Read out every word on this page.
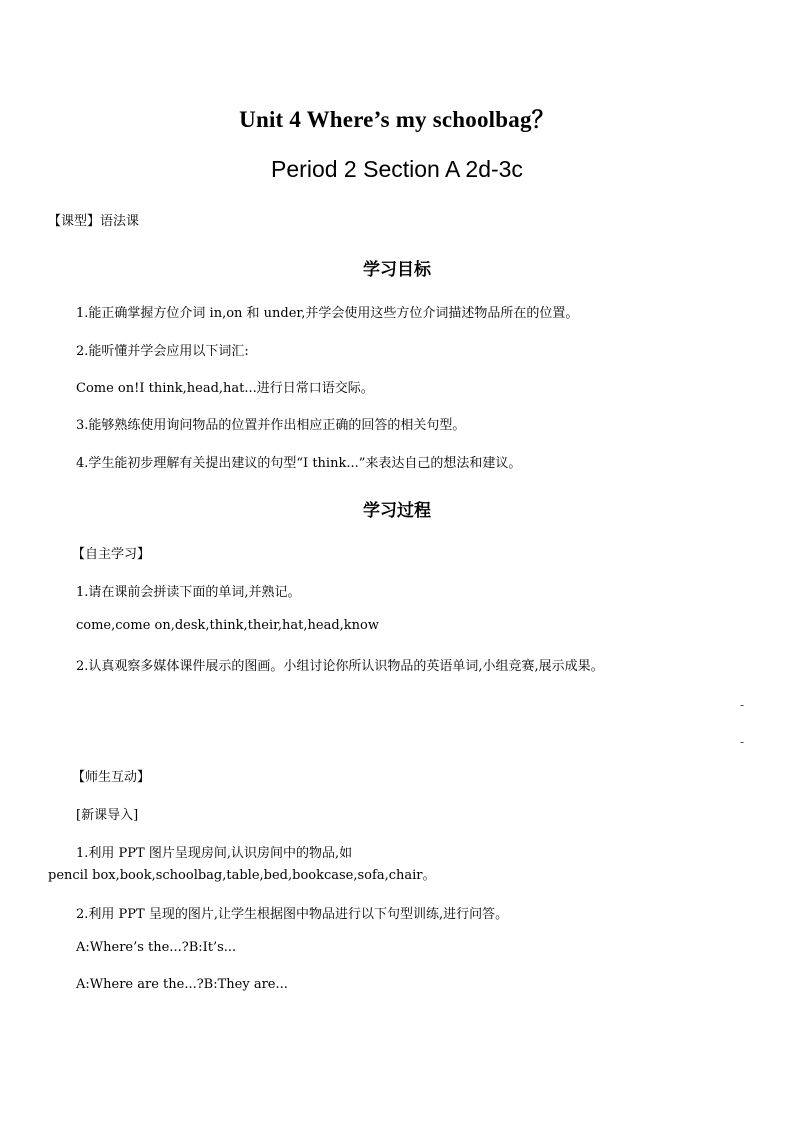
Unit 4 Where’s my schoolbag？
Period 2 Section A 2d-3c
【课型】语法课
学习目标
1.能正确掌握方位介词 in,on 和 under,并学会使用这些方位介词描述物品所在的位置。
2.能听懂并学会应用以下词汇:
Come on!I think,head,hat...进行日常口语交际。
3.能够熟练使用询问物品的位置并作出相应正确的回答的相关句型。
4.学生能初步理解有关提出建议的句型“I think...”来表达自己的想法和建议。
学习过程
【自主学习】
1.请在课前会拼读下面的单词,并熟记。
come,come on,desk,think,their,hat,head,know
2.认真观察多媒体课件展示的图画。小组讨论你所认识物品的英语单词,小组竞赛,展示成果。
-
-
【师生互动】
[新课导入]
1.利用 PPT 图片呈现房间,认识房间中的物品,如
pencil box,book,schoolbag,table,bed,bookcase,sofa,chair。
2.利用 PPT 呈现的图片,让学生根据图中物品进行以下句型训练,进行问答。
A:Where’s the...?B:It’s...
A:Where are the...?B:They are...
